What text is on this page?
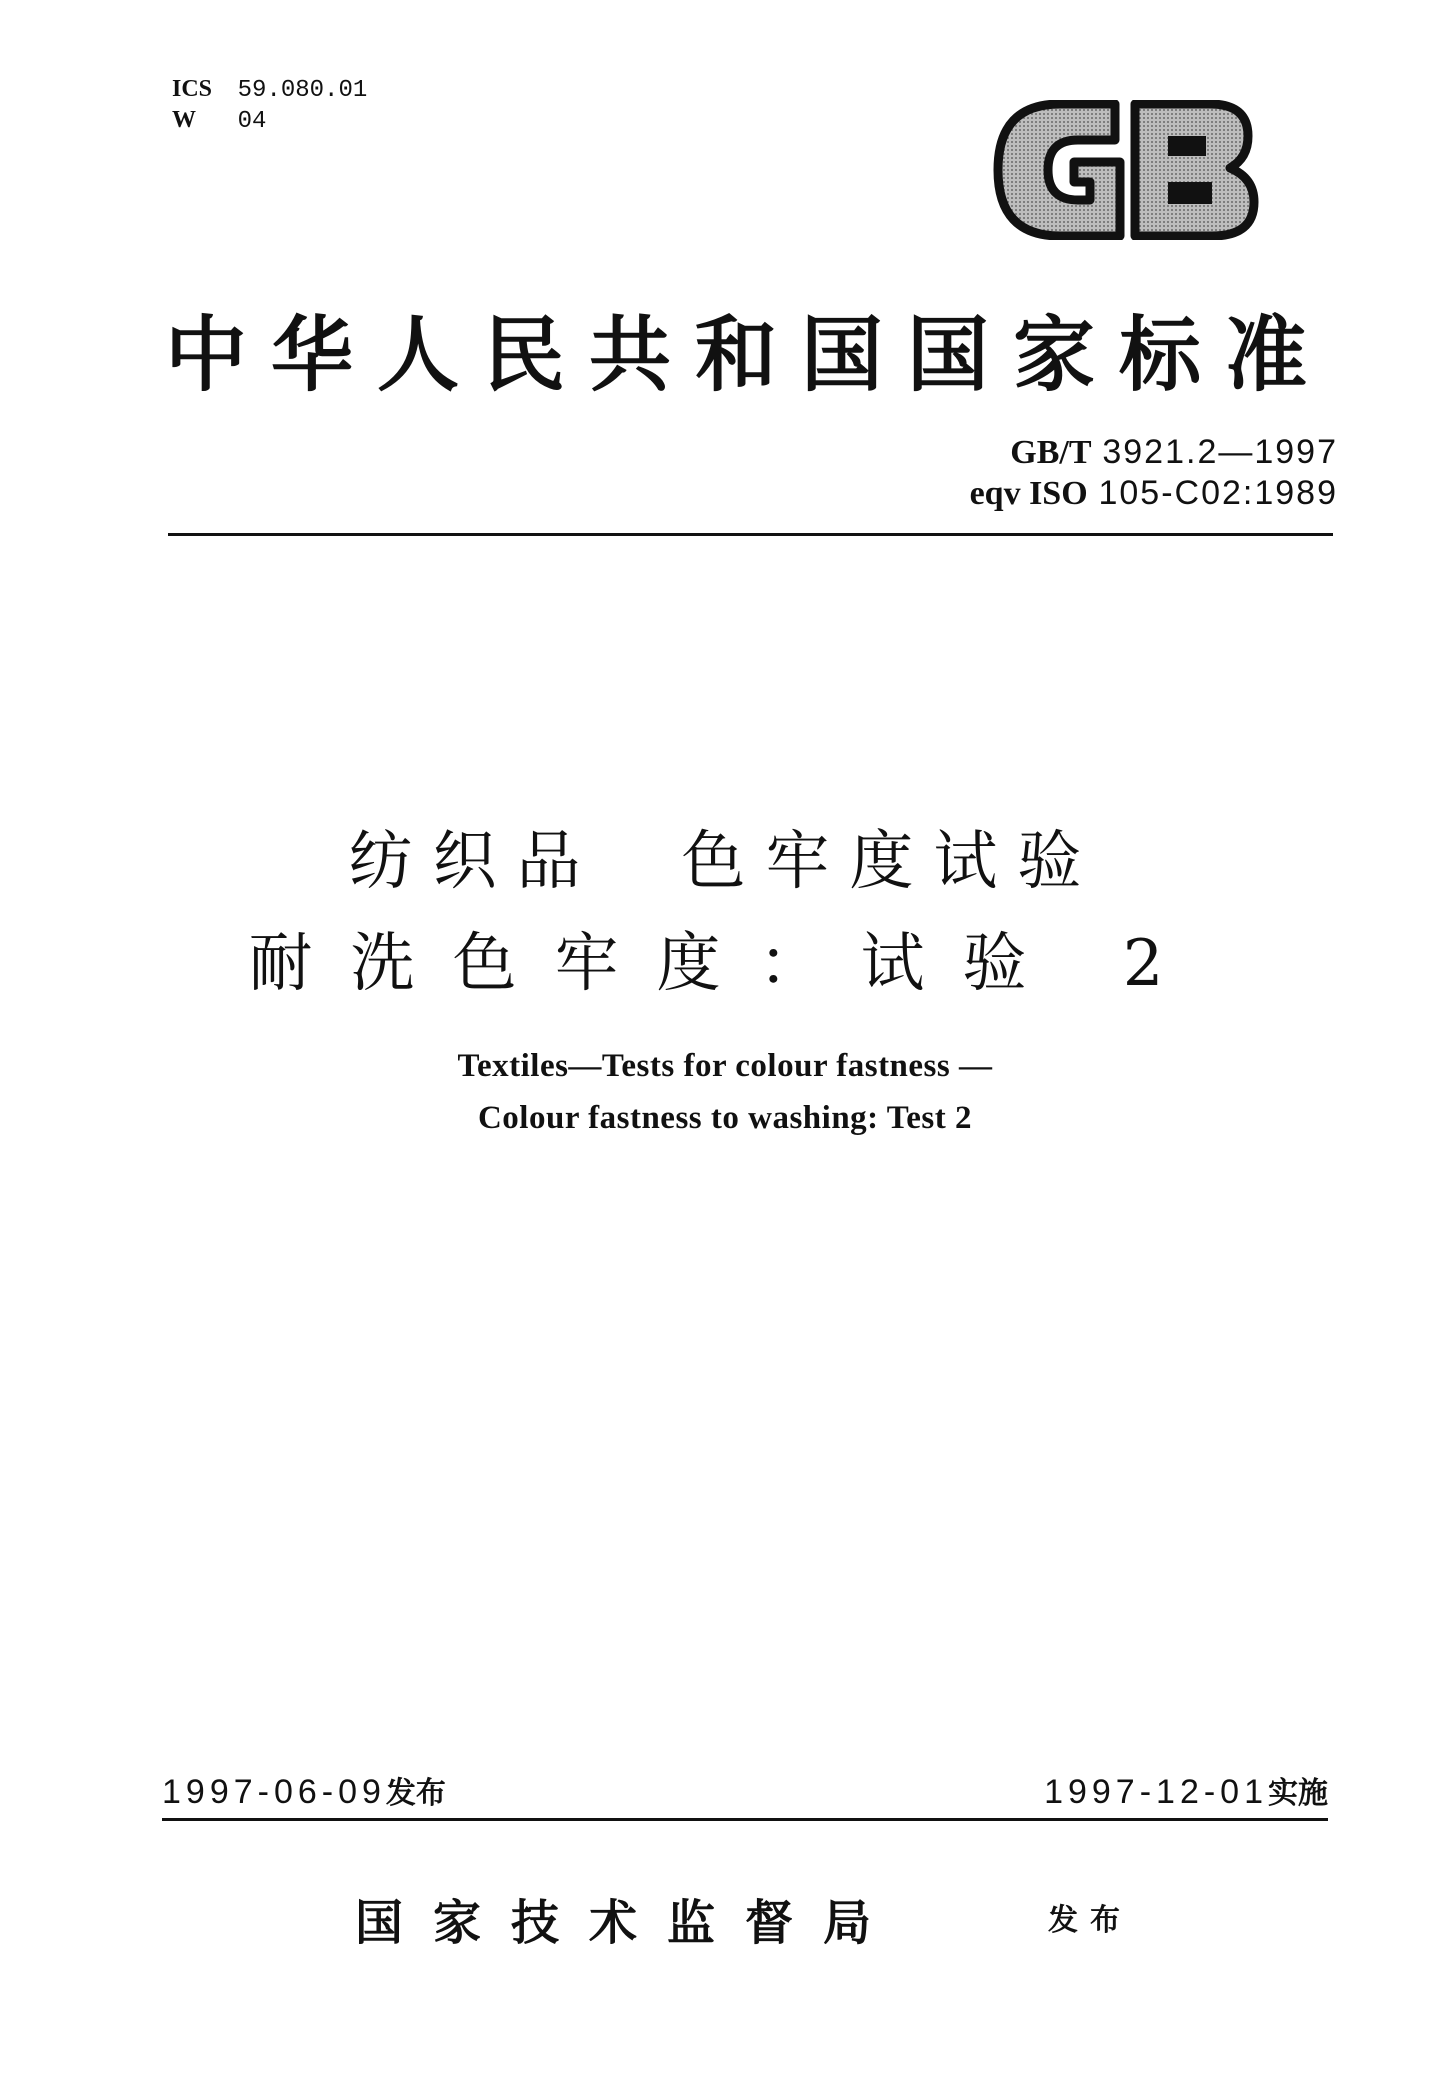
ICS 59.080.01
W 04
中华人民共和国国家标准
GB/T 3921.2—1997
eqv ISO 105-C02:1989
纺织品  色牢度试验
耐洗色牢度：试验 2
Textiles—Tests for colour fastness —
Colour fastness to washing: Test 2
1997-06-09发布	1997-12-01实施
国家技术监督局	发布
